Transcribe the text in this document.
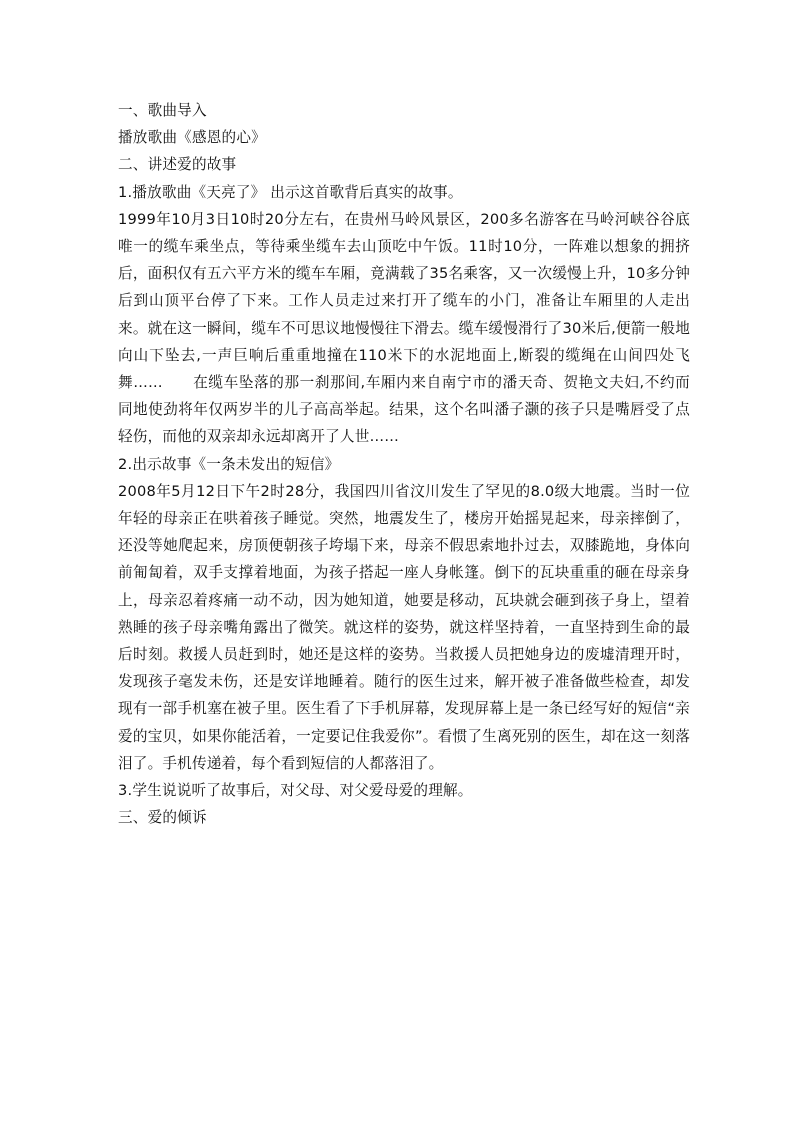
一、歌曲导入

播放歌曲《感恩的心》

二、讲述爱的故事

1.播放歌曲《天亮了》 出示这首歌背后真实的故事。

1999年10月3日10时20分左右，在贵州马岭风景区，200多名游客在马岭河峡谷谷底唯一的缆车乘坐点，等待乘坐缆车去山顶吃中午饭。11时10分，一阵难以想象的拥挤后，面积仅有五六平方米的缆车车厢，竟满载了35名乘客，又一次缓慢上升，10多分钟后到山顶平台停了下来。工作人员走过来打开了缆车的小门，准备让车厢里的人走出来。就在这一瞬间，缆车不可思议地慢慢往下滑去。缆车缓慢滑行了30米后,便箭一般地向山下坠去,一声巨响后重重地撞在110米下的水泥地面上,断裂的缆绳在山间四处飞舞…… 在缆车坠落的那一刹那间,车厢内来自南宁市的潘天奇、贺艳文夫妇,不约而同地使劲将年仅两岁半的儿子高高举起。结果，这个名叫潘子灏的孩子只是嘴唇受了点轻伤，而他的双亲却永远却离开了人世……

2.出示故事《一条未发出的短信》

2008年5月12日下午2时28分，我国四川省汶川发生了罕见的8.0级大地震。当时一位年轻的母亲正在哄着孩子睡觉。突然，地震发生了，楼房开始摇晃起来，母亲摔倒了，还没等她爬起来，房顶便朝孩子垮塌下来，母亲不假思索地扑过去，双膝跪地，身体向前匍匐着，双手支撑着地面，为孩子搭起一座人身帐篷。倒下的瓦块重重的砸在母亲身上，母亲忍着疼痛一动不动，因为她知道，她要是移动，瓦块就会砸到孩子身上，望着熟睡的孩子母亲嘴角露出了微笑。就这样的姿势，就这样坚持着，一直坚持到生命的最后时刻。救援人员赶到时，她还是这样的姿势。当救援人员把她身边的废墟清理开时，发现孩子毫发未伤，还是安详地睡着。随行的医生过来，解开被子准备做些检查，却发现有一部手机塞在被子里。医生看了下手机屏幕，发现屏幕上是一条已经写好的短信“亲爱的宝贝，如果你能活着，一定要记住我爱你”。看惯了生离死别的医生，却在这一刻落泪了。手机传递着，每个看到短信的人都落泪了。

3.学生说说听了故事后，对父母、对父爱母爱的理解。

三、爱的倾诉
